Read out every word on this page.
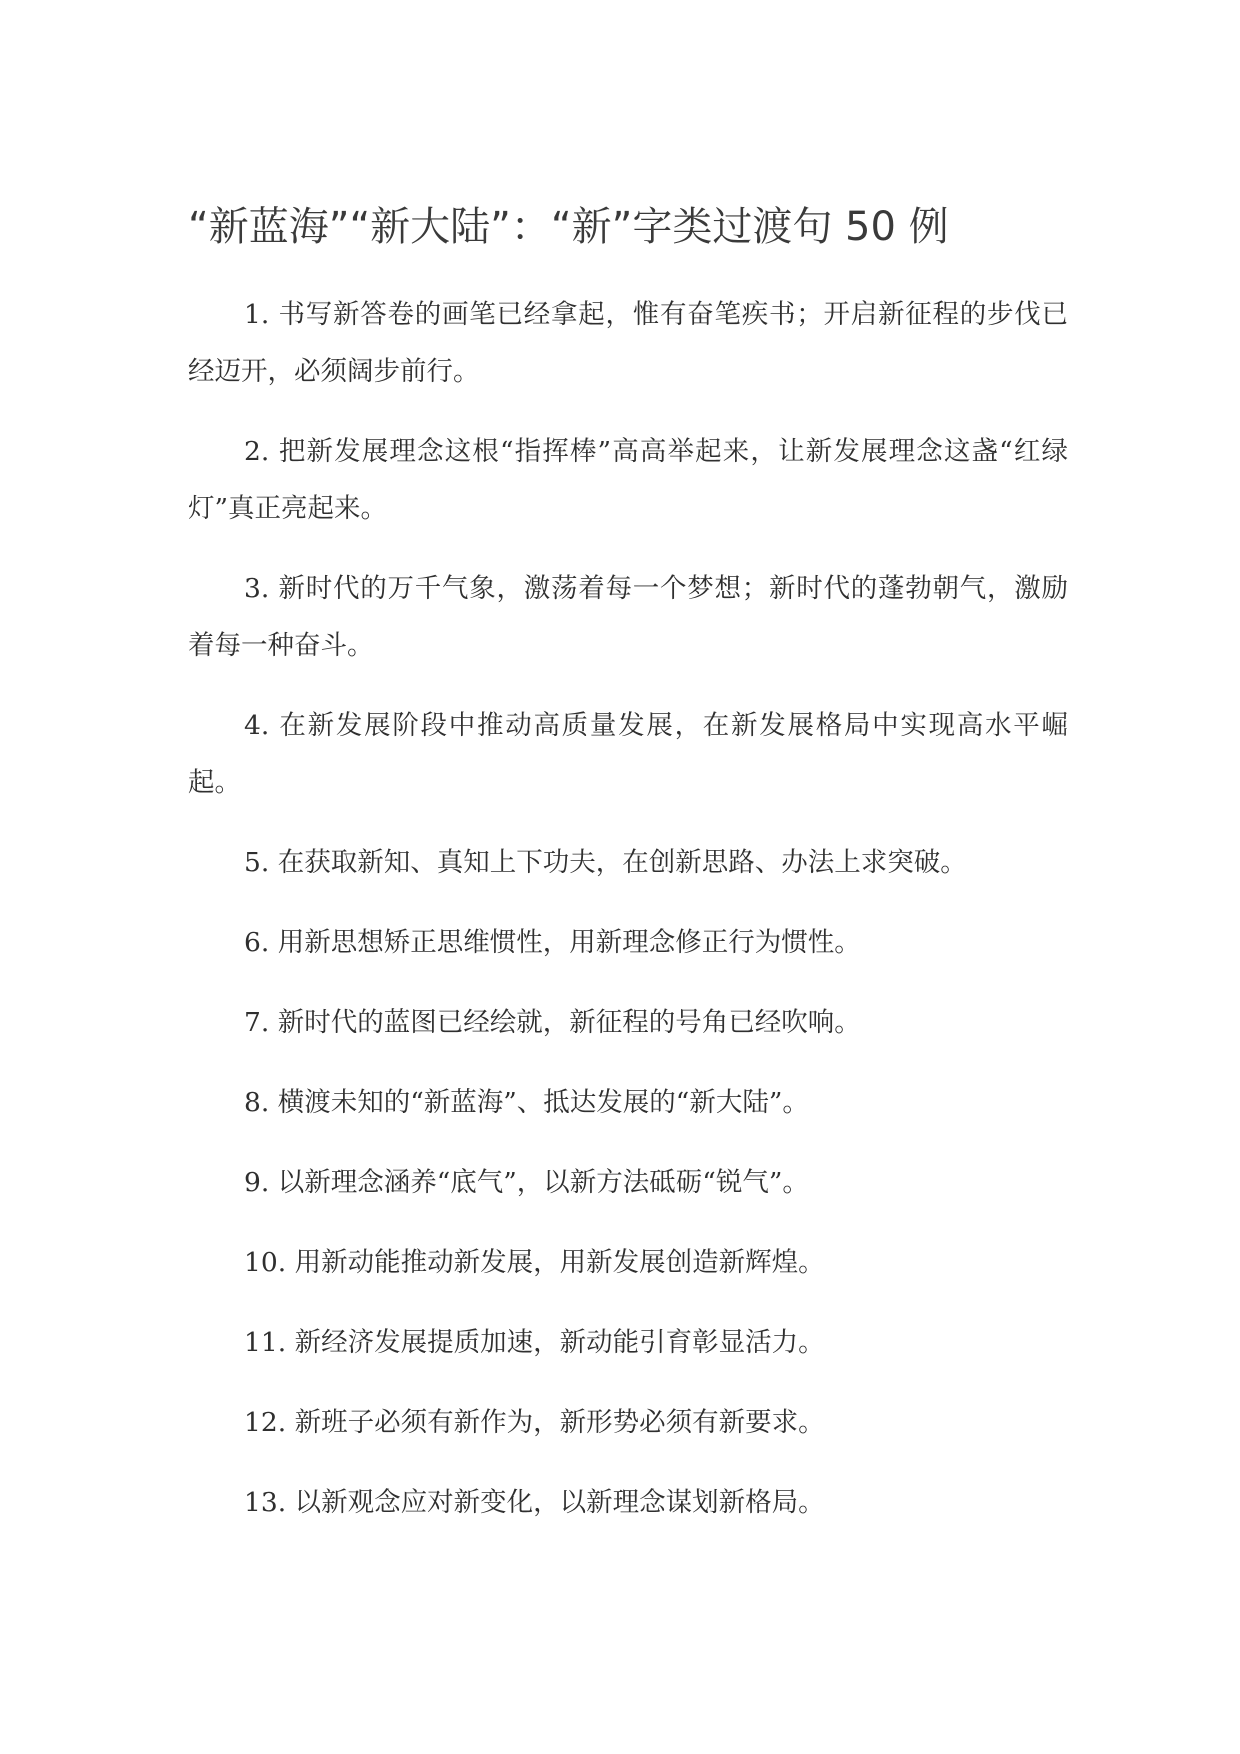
“新蓝海”“新大陆”：“新”字类过渡句 50 例

1. 书写新答卷的画笔已经拿起，惟有奋笔疾书；开启新征程的步伐已经迈开，必须阔步前行。

2. 把新发展理念这根“指挥棒”高高举起来，让新发展理念这盏“红绿灯”真正亮起来。

3. 新时代的万千气象，激荡着每一个梦想；新时代的蓬勃朝气，激励着每一种奋斗。

4. 在新发展阶段中推动高质量发展，在新发展格局中实现高水平崛起。

5. 在获取新知、真知上下功夫，在创新思路、办法上求突破。

6. 用新思想矫正思维惯性，用新理念修正行为惯性。

7. 新时代的蓝图已经绘就，新征程的号角已经吹响。

8. 横渡未知的“新蓝海”、抵达发展的“新大陆”。

9. 以新理念涵养“底气”，以新方法砥砺“锐气”。

10. 用新动能推动新发展，用新发展创造新辉煌。

11. 新经济发展提质加速，新动能引育彰显活力。

12. 新班子必须有新作为，新形势必须有新要求。

13. 以新观念应对新变化，以新理念谋划新格局。
